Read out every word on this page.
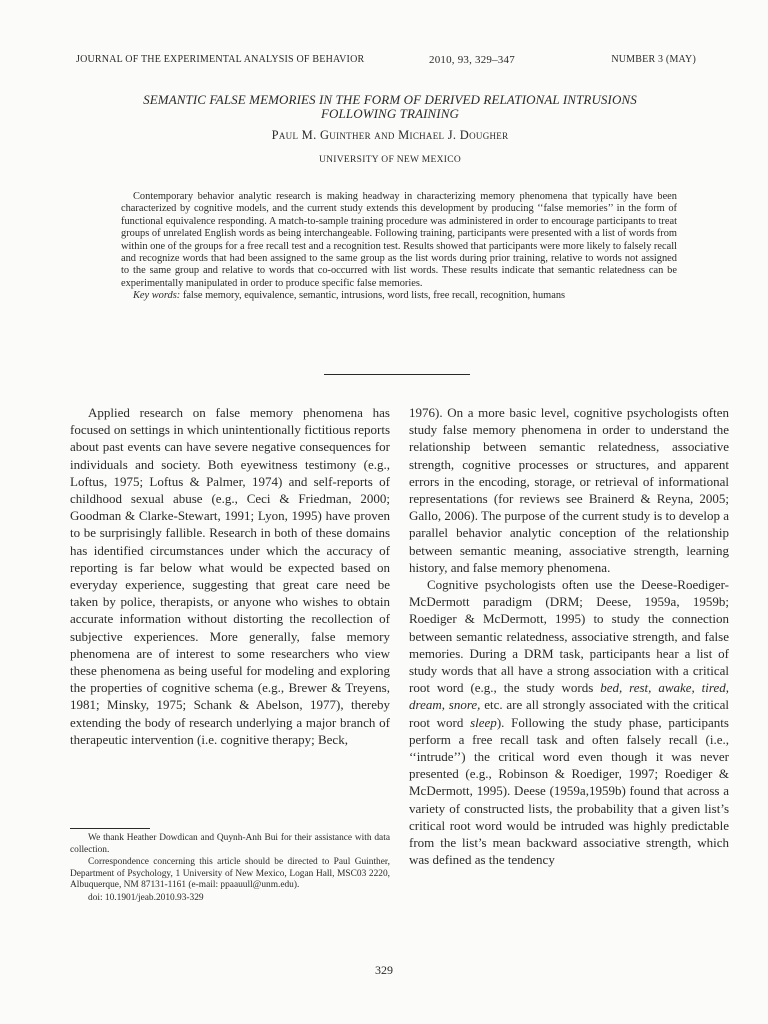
JOURNAL OF THE EXPERIMENTAL ANALYSIS OF BEHAVIOR	2010, 93, 329–347	NUMBER 3 (MAY)
SEMANTIC FALSE MEMORIES IN THE FORM OF DERIVED RELATIONAL INTRUSIONS
FOLLOWING TRAINING
Paul M. Guinther and Michael J. Dougher
UNIVERSITY OF NEW MEXICO

Contemporary behavior analytic research is making headway in characterizing memory phenomena that typically have been characterized by cognitive models, and the current study extends this development by producing ‘‘false memories’’ in the form of functional equivalence responding. A match-to-sample training procedure was administered in order to encourage participants to treat groups of unrelated English words as being interchangeable. Following training, participants were presented with a list of words from within one of the groups for a free recall test and a recognition test. Results showed that participants were more likely to falsely recall and recognize words that had been assigned to the same group as the list words during prior training, relative to words not assigned to the same group and relative to words that co-occurred with list words. These results indicate that semantic relatedness can be experimentally manipulated in order to produce specific false memories.

Key words: false memory, equivalence, semantic, intrusions, word lists, free recall, recognition, humans

Applied research on false memory phenomena has focused on settings in which unintentionally fictitious reports about past events can have severe negative consequences for individuals and society. Both eyewitness testimony (e.g., Loftus, 1975; Loftus & Palmer, 1974) and self-reports of childhood sexual abuse (e.g., Ceci & Friedman, 2000; Goodman & Clarke-Stewart, 1991; Lyon, 1995) have proven to be surprisingly fallible. Research in both of these domains has identified circumstances under which the accuracy of reporting is far below what would be expected based on everyday experience, suggesting that great care need be taken by police, therapists, or anyone who wishes to obtain accurate information without distorting the recollection of subjective experiences. More generally, false memory phenomena are of interest to some researchers who view these phenomena as being useful for modeling and exploring the properties of cognitive schema (e.g., Brewer & Treyens, 1981; Minsky, 1975; Schank & Abelson, 1977), thereby extending the body of research underlying a major branch of therapeutic intervention (i.e. cognitive therapy; Beck,

1976). On a more basic level, cognitive psychologists often study false memory phenomena in order to understand the relationship between semantic relatedness, associative strength, cognitive processes or structures, and apparent errors in the encoding, storage, or retrieval of informational representations (for reviews see Brainerd & Reyna, 2005; Gallo, 2006). The purpose of the current study is to develop a parallel behavior analytic conception of the relationship between semantic meaning, associative strength, learning history, and false memory phenomena.

Cognitive psychologists often use the Deese-Roediger-McDermott paradigm (DRM; Deese, 1959a, 1959b; Roediger & McDermott, 1995) to study the connection between semantic relatedness, associative strength, and false memories. During a DRM task, participants hear a list of study words that all have a strong association with a critical root word (e.g., the study words bed, rest, awake, tired, dream, snore, etc. are all strongly associated with the critical root word sleep). Following the study phase, participants perform a free recall task and often falsely recall (i.e., ‘‘intrude’’) the critical word even though it was never presented (e.g., Robinson & Roediger, 1997; Roediger & McDermott, 1995). Deese (1959a,1959b) found that across a variety of constructed lists, the probability that a given list’s critical root word would be intruded was highly predictable from the list’s mean backward associative strength, which was defined as the tendency

We thank Heather Dowdican and Quynh-Anh Bui for their assistance with data collection.

Correspondence concerning this article should be directed to Paul Guinther, Department of Psychology, 1 University of New Mexico, Logan Hall, MSC03 2220, Albuquerque, NM 87131-1161 (e-mail: ppaauull@unm.edu).

doi: 10.1901/jeab.2010.93-329

329
